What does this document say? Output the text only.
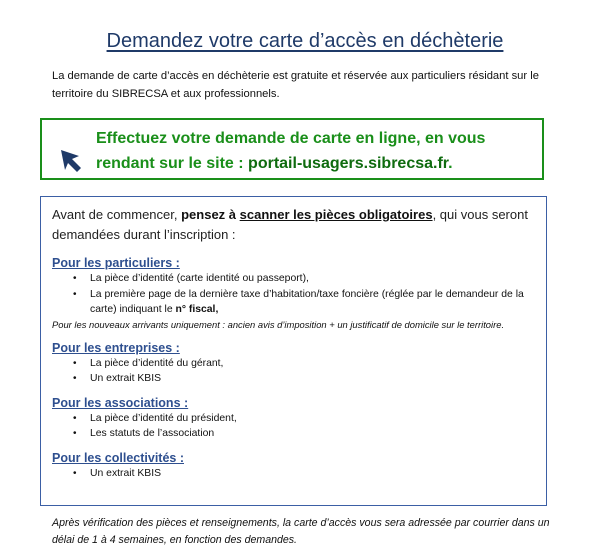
Demandez votre carte d’accès en déchèterie
La demande de carte d’accès en déchèterie est gratuite et réservée aux particuliers résidant sur le territoire du SIBRECSA et aux professionnels.
Effectuez votre demande de carte en ligne, en vous rendant sur le site : portail-usagers.sibrecsa.fr.

Avant de commencer, pensez à scanner les pièces obligatoires, qui vous seront demandées durant l’inscription :

Pour les particuliers :

• La pièce d’identité (carte identité ou passeport),
• La première page de la dernière taxe d’habitation/taxe foncière (réglée par le demandeur de la carte) indiquant le n° fiscal,

Pour les nouveaux arrivants uniquement : ancien avis d’imposition + un justificatif de domicile sur le territoire.

Pour les entreprises :

• La pièce d’identité du gérant,
• Un extrait KBIS

Pour les associations :

• La pièce d’identité du président,
• Les statuts de l’association

Pour les collectivités :

• Un extrait KBIS
Après vérification des pièces et renseignements, la carte d’accès vous sera adressée par courrier dans un délai de 1 à 4 semaines, en fonction des demandes.
